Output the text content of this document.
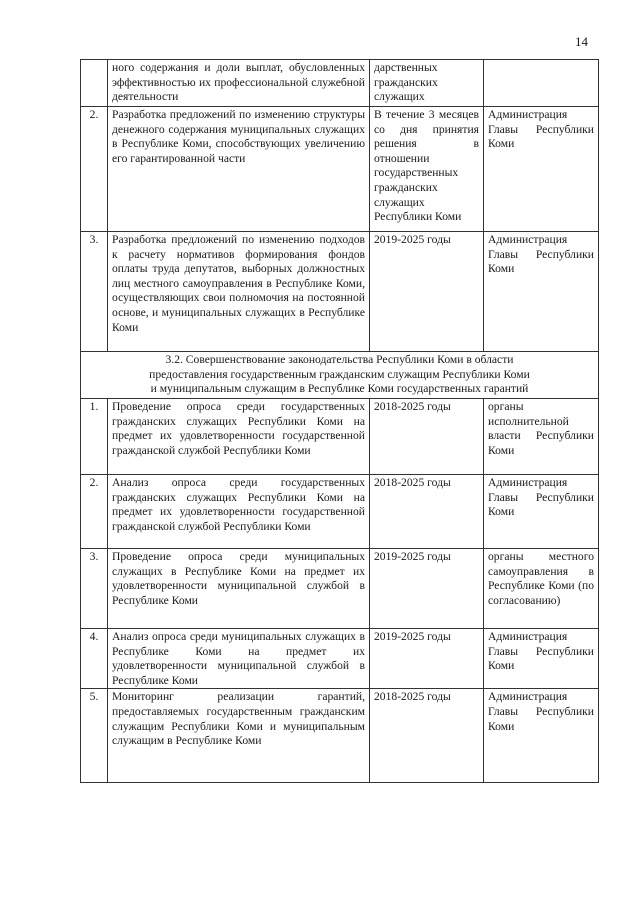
14
	ного содержания и доли выплат, обусловленных эффективностью их профессиональной служебной деятельности	дарственных гражданских служащих	
2.	Разработка предложений по изменению структуры денежного содержания муниципальных служащих в Республике Коми, способствующих увеличению его гарантированной части	В течение 3 месяцев со дня принятия решения в отношении государственных гражданских служащих Республики Коми	Администрация Главы Республики Коми
3.	Разработка предложений по изменению подходов к расчету нормативов формирования фондов оплаты труда депутатов, выборных должностных лиц местного самоуправления в Республике Коми, осуществляющих свои полномочия на постоянной основе, и муниципальных служащих в Республике Коми	2019-2025 годы	Администрация Главы Республики Коми

3.2. Совершенствование законодательства Республики Коми в области
предоставления государственным гражданским служащим Республики Коми
и муниципальным служащим в Республике Коми государственных гарантий			

1.	Проведение опроса среди государственных гражданских служащих Республики Коми на предмет их удовлетворенности государственной гражданской службой Республики Коми	2018-2025 годы	органы исполнительной власти Республики Коми
2.	Анализ опроса среди государственных гражданских служащих Республики Коми на предмет их удовлетворенности государственной гражданской службой Республики Коми	2018-2025 годы	Администрация Главы Республики Коми
3.	Проведение опроса среди муниципальных служащих в Республике Коми на предмет их удовлетворенности муниципальной службой в Республике Коми	2019-2025 годы	органы местного самоуправления в Республике Коми (по согласованию)
4.	Анализ опроса среди муниципальных служащих в Республике Коми на предмет их удовлетворенности муниципальной службой в Республике Коми	2019-2025 годы	Администрация Главы Республики Коми
5.	Мониторинг реализации гарантий, предоставляемых государственным гражданским служащим Республики Коми и муниципальным служащим в Республике Коми	2018-2025 годы	Администрация Главы Республики Коми
